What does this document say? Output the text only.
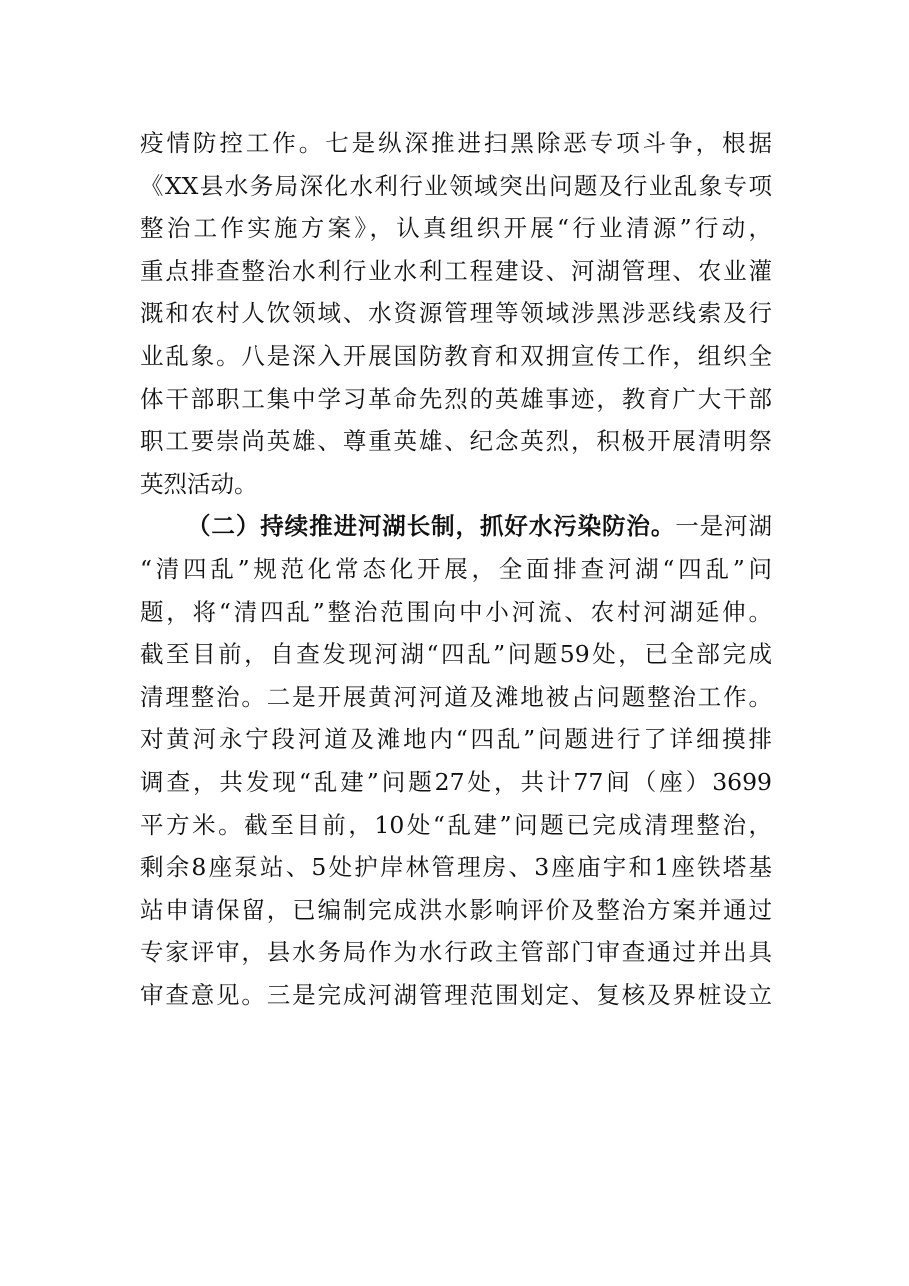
疫情防控工作。七是纵深推进扫黑除恶专项斗争，根据
《XX县水务局深化水利行业领域突出问题及行业乱象专项
整治工作实施方案》，认真组织开展“行业清源”行动，
重点排查整治水利行业水利工程建设、河湖管理、农业灌
溉和农村人饮领域、水资源管理等领域涉黑涉恶线索及行
业乱象。八是深入开展国防教育和双拥宣传工作，组织全
体干部职工集中学习革命先烈的英雄事迹，教育广大干部
职工要崇尚英雄、尊重英雄、纪念英烈，积极开展清明祭
英烈活动。
（二）持续推进河湖长制，抓好水污染防治。一是河湖
“清四乱”规范化常态化开展，全面排查河湖“四乱”问
题，将“清四乱”整治范围向中小河流、农村河湖延伸。
截至目前，自查发现河湖“四乱”问题59处，已全部完成
清理整治。二是开展黄河河道及滩地被占问题整治工作。
对黄河永宁段河道及滩地内“四乱”问题进行了详细摸排
调查，共发现“乱建”问题27处，共计77间（座）3699
平方米。截至目前，10处“乱建”问题已完成清理整治，
剩余8座泵站、5处护岸林管理房、3座庙宇和1座铁塔基
站申请保留，已编制完成洪水影响评价及整治方案并通过
专家评审，县水务局作为水行政主管部门审查通过并出具
审查意见。三是完成河湖管理范围划定、复核及界桩设立
